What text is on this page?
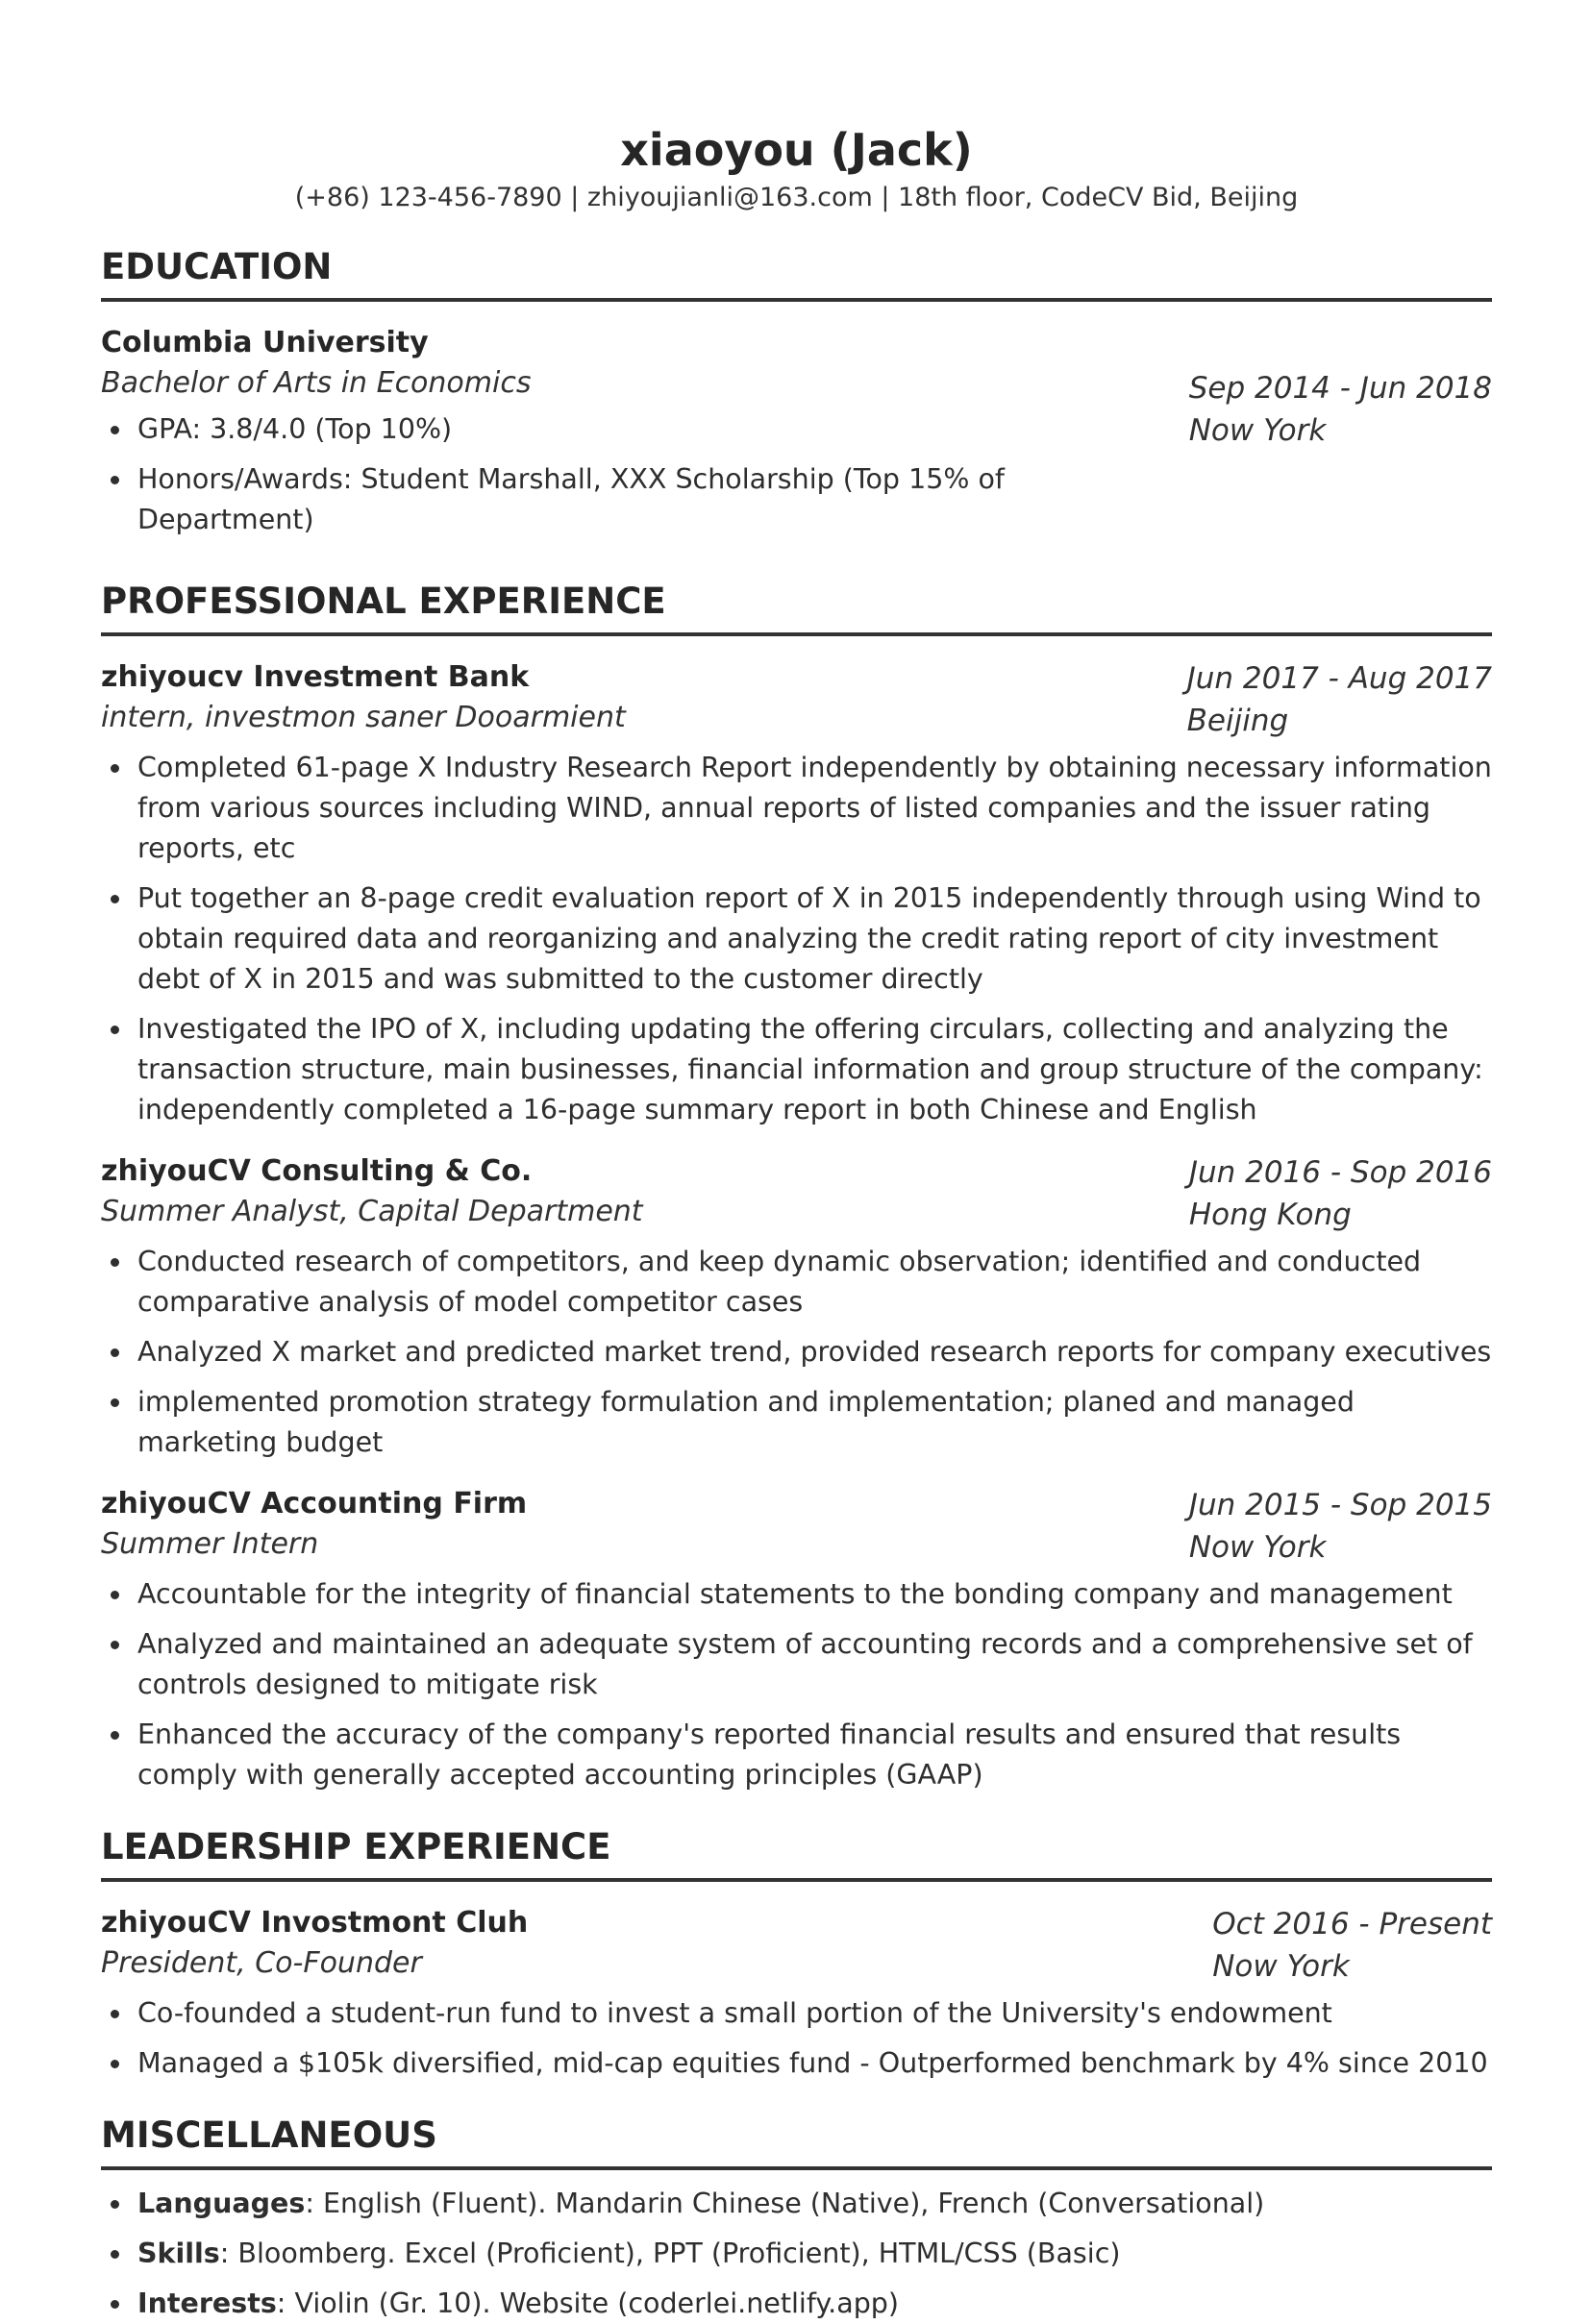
xiaoyou (Jack)

(+86) 123-456-7890 | zhiyoujianli@163.com | 18th floor, CodeCV Bid, Beijing

EDUCATION
Columbia University
Bachelor of Arts in Economics
GPA: 3.8/4.0 (Top 10%)
Honors/Awards: Student Marshall, XXX Scholarship (Top 15% of Department)
Sep 2014 - Jun 2018
Now York
PROFESSIONAL EXPERIENCE
zhiyoucv Investment Bank
intern, investmon saner Dooarmient
Jun 2017 - Aug 2017
Beijing
Completed 61-page X Industry Research Report independently by obtaining necessary information from various sources including WIND, annual reports of listed companies and the issuer rating reports, etc
Put together an 8-page credit evaluation report of X in 2015 independently through using Wind to obtain required data and reorganizing and analyzing the credit rating report of city investment debt of X in 2015 and was submitted to the customer directly
Investigated the IPO of X, including updating the offering circulars, collecting and analyzing the transaction structure, main businesses, financial information and group structure of the company: independently completed a 16-page summary report in both Chinese and English
zhiyouCV Consulting & Co.
Summer Analyst, Capital Department
Jun 2016 - Sop 2016
Hong Kong
Conducted research of competitors, and keep dynamic observation; identified and conducted comparative analysis of model competitor cases
Analyzed X market and predicted market trend, provided research reports for company executives
implemented promotion strategy formulation and implementation; planed and managed marketing budget
zhiyouCV Accounting Firm
Summer Intern
Jun 2015 - Sop 2015
Now York
Accountable for the integrity of financial statements to the bonding company and management
Analyzed and maintained an adequate system of accounting records and a comprehensive set of controls designed to mitigate risk
Enhanced the accuracy of the company's reported financial results and ensured that results comply with generally accepted accounting principles (GAAP)
LEADERSHIP EXPERIENCE
zhiyouCV Invostmont Cluh
President, Co-Founder
Oct 2016 - Present
Now York
Co-founded a student-run fund to invest a small portion of the University's endowment
Managed a $105k diversified, mid-cap equities fund - Outperformed benchmark by 4% since 2010
MISCELLANEOUS
Languages: English (Fluent). Mandarin Chinese (Native), French (Conversational)
Skills: Bloomberg. Excel (Proficient), PPT (Proficient), HTML/CSS (Basic)
Interests: Violin (Gr. 10). Website (coderlei.netlify.app)
